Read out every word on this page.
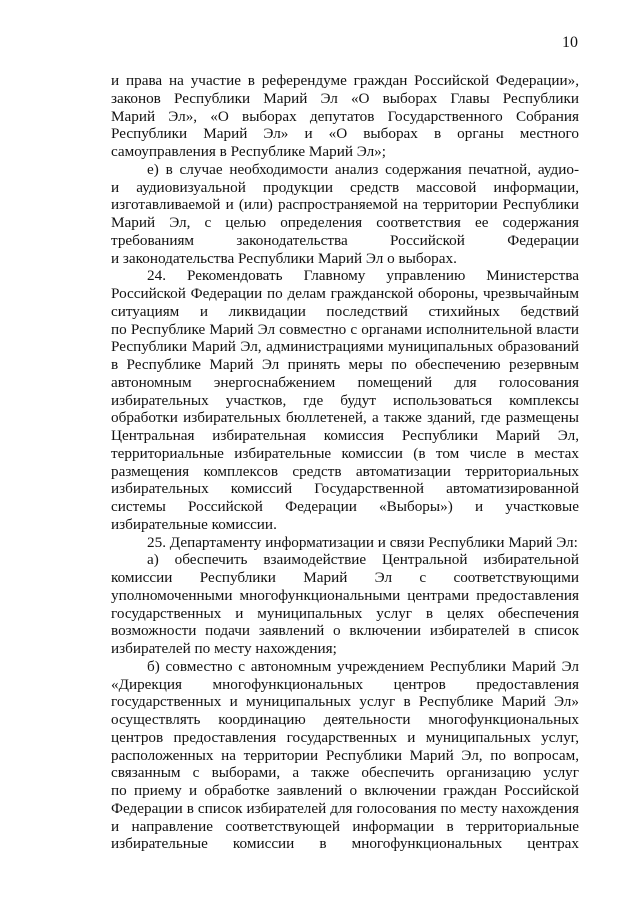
10
и права на участие в референдуме граждан Российской Федерации»,
законов Республики Марий Эл «О выборах Главы Республики
Марий Эл», «О выборах депутатов Государственного Собрания
Республики Марий Эл» и «О выборах в органы местного
самоуправления в Республике Марий Эл»;
е) в случае необходимости анализ содержания печатной, аудио-
и аудиовизуальной продукции средств массовой информации,
изготавливаемой и (или) распространяемой на территории Республики
Марий Эл, с целью определения соответствия ее содержания
требованиям законодательства Российской Федерации
и законодательства Республики Марий Эл о выборах.
24. Рекомендовать Главному управлению Министерства
Российской Федерации по делам гражданской обороны, чрезвычайным
ситуациям и ликвидации последствий стихийных бедствий
по Республике Марий Эл совместно с органами исполнительной власти
Республики Марий Эл, администрациями муниципальных образований
в Республике Марий Эл принять меры по обеспечению резервным
автономным энергоснабжением помещений для голосования
избирательных участков, где будут использоваться комплексы
обработки избирательных бюллетеней, а также зданий, где размещены
Центральная избирательная комиссия Республики Марий Эл,
территориальные избирательные комиссии (в том числе в местах
размещения комплексов средств автоматизации территориальных
избирательных комиссий Государственной автоматизированной
системы Российской Федерации «Выборы») и участковые
избирательные комиссии.
25. Департаменту информатизации и связи Республики Марий Эл:
а) обеспечить взаимодействие Центральной избирательной
комиссии Республики Марий Эл с соответствующими
уполномоченными многофункциональными центрами предоставления
государственных и муниципальных услуг в целях обеспечения
возможности подачи заявлений о включении избирателей в список
избирателей по месту нахождения;
б) совместно с автономным учреждением Республики Марий Эл
«Дирекция многофункциональных центров предоставления
государственных и муниципальных услуг в Республике Марий Эл»
осуществлять координацию деятельности многофункциональных
центров предоставления государственных и муниципальных услуг,
расположенных на территории Республики Марий Эл, по вопросам,
связанным с выборами, а также обеспечить организацию услуг
по приему и обработке заявлений о включении граждан Российской
Федерации в список избирателей для голосования по месту нахождения
и направление соответствующей информации в территориальные
избирательные комиссии в многофункциональных центрах
